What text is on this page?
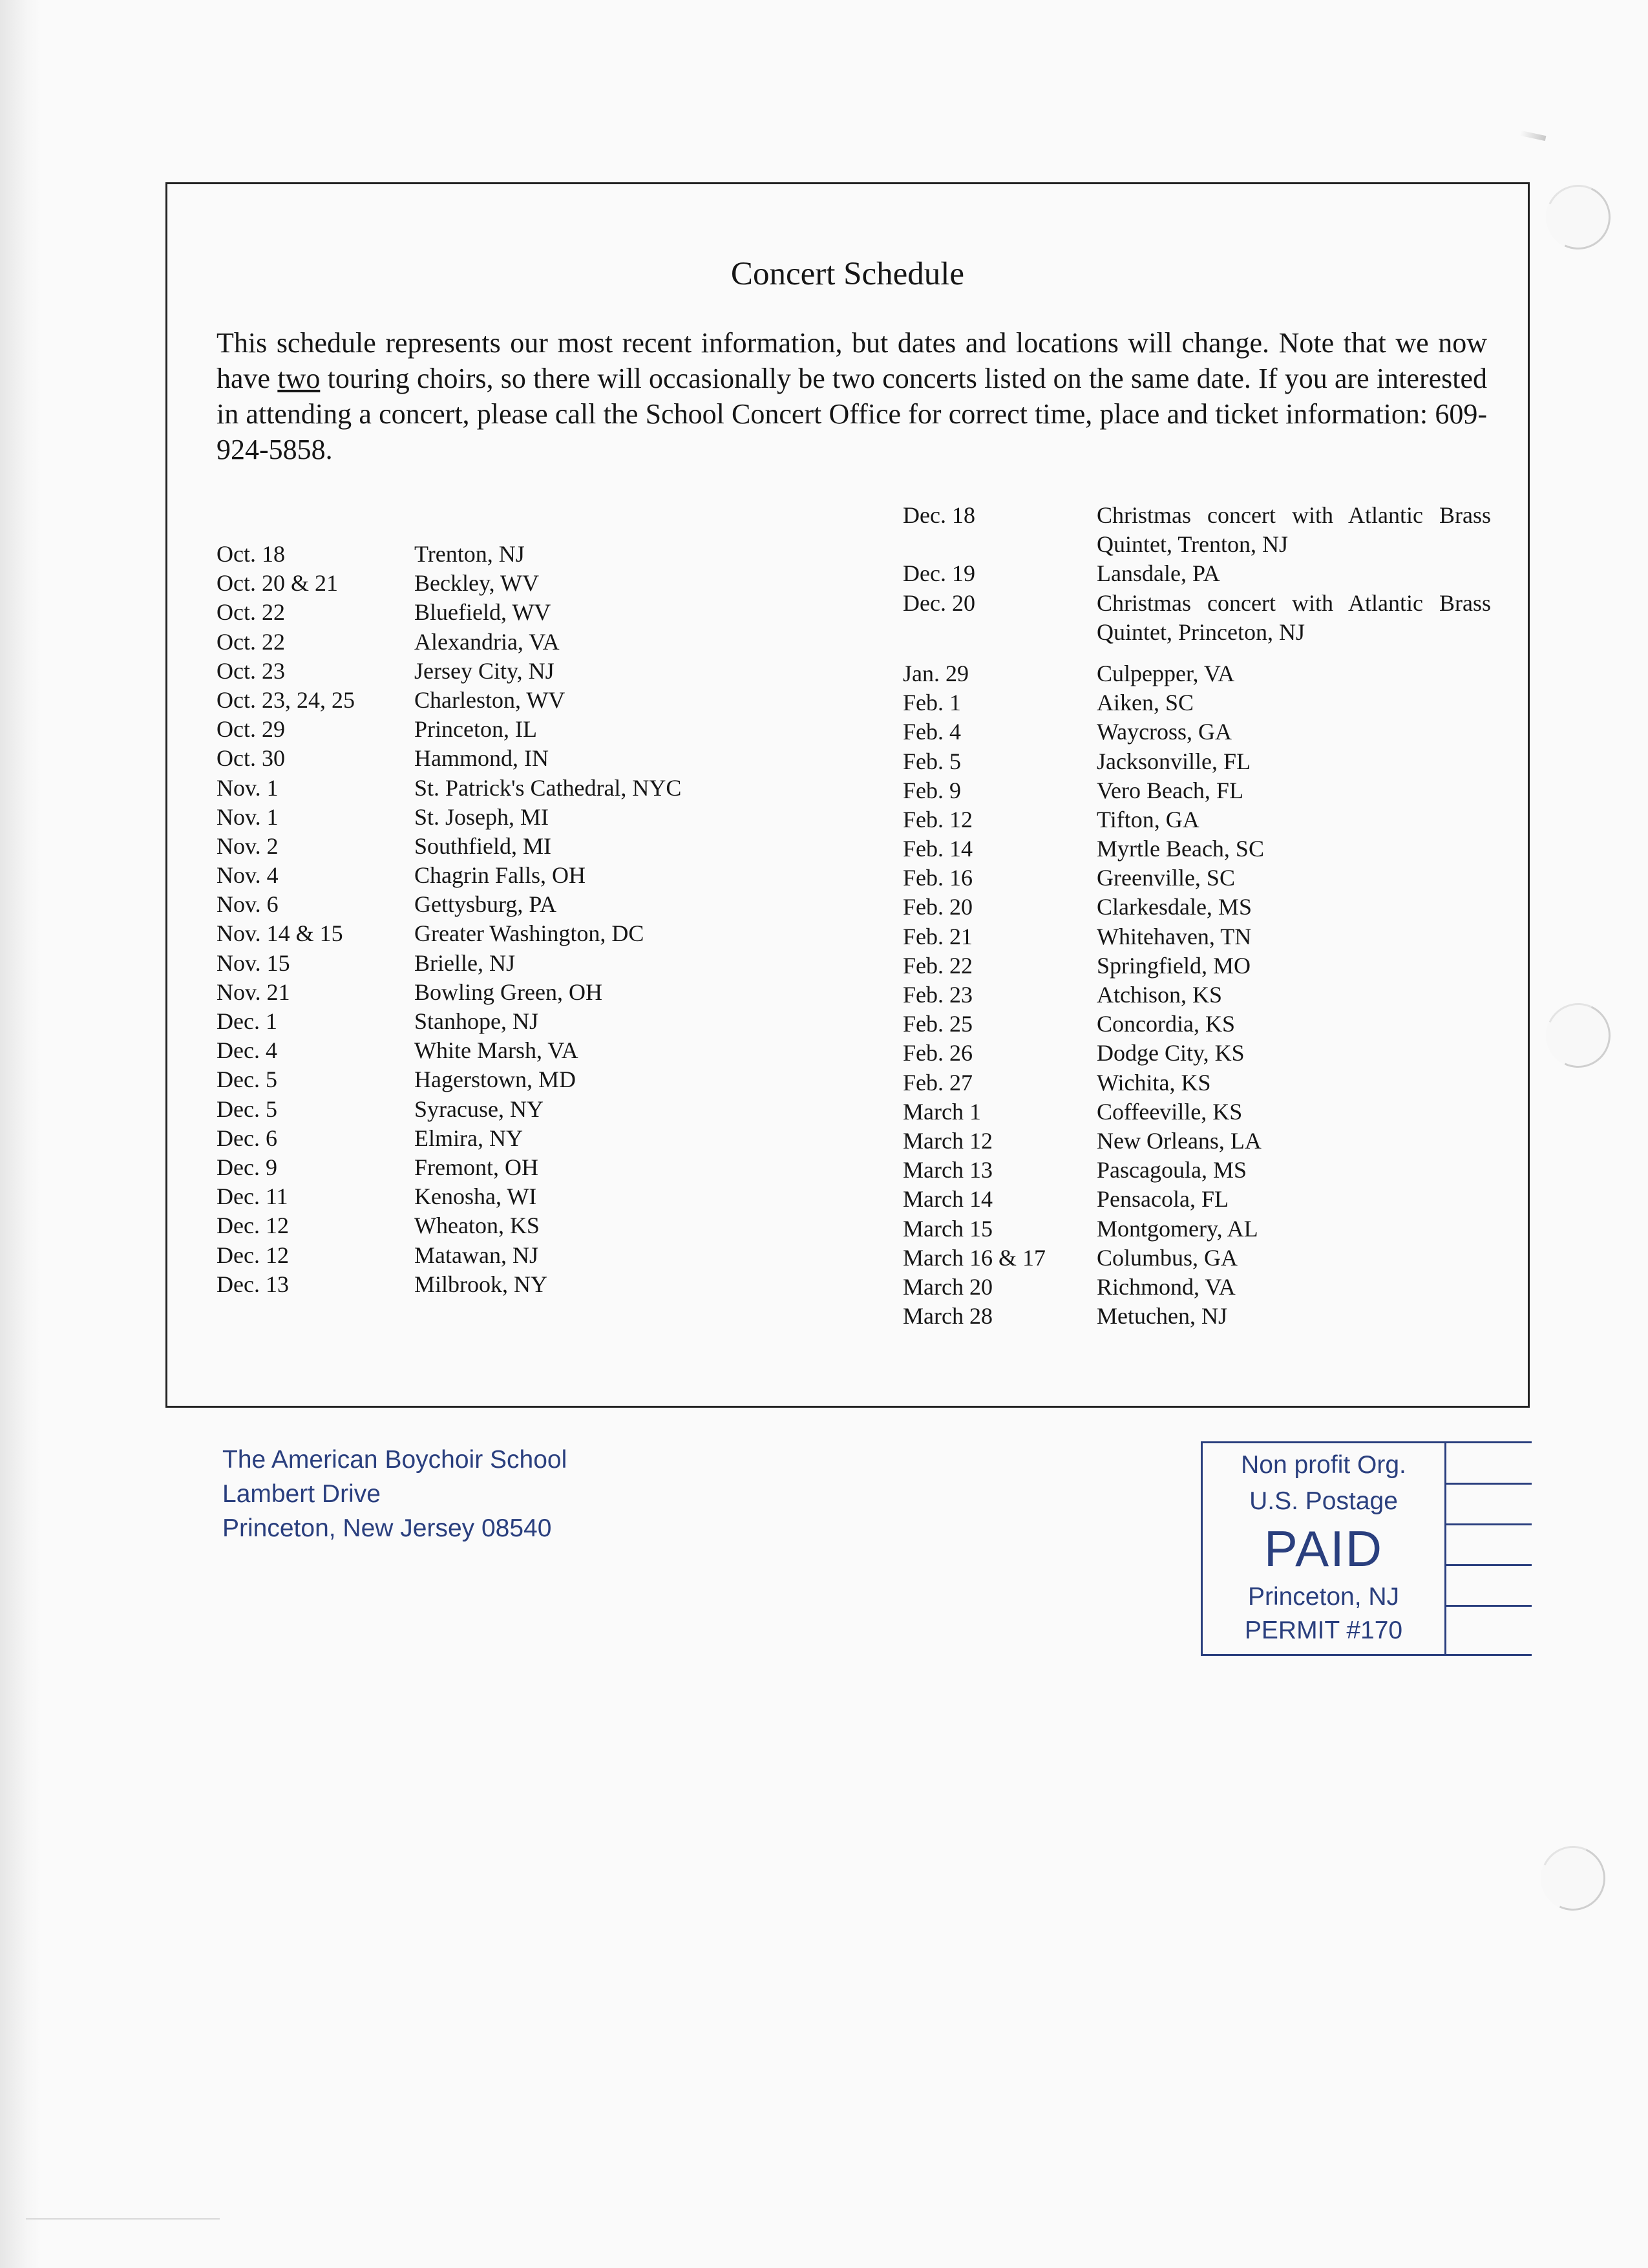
Concert Schedule
This schedule represents our most recent information, but dates and locations will change. Note that we now have two touring choirs, so there will occasionally be two concerts listed on the same date. If you are interested in attending a concert, please call the School Concert Office for correct time, place and ticket information: 609-924-5858.
Oct. 18	Trenton, NJ
Oct. 20 & 21	Beckley, WV
Oct. 22	Bluefield, WV
Oct. 22	Alexandria, VA
Oct. 23	Jersey City, NJ
Oct. 23, 24, 25	Charleston, WV
Oct. 29	Princeton, IL
Oct. 30	Hammond, IN
Nov. 1	St. Patrick's Cathedral, NYC
Nov. 1	St. Joseph, MI
Nov. 2	Southfield, MI
Nov. 4	Chagrin Falls, OH
Nov. 6	Gettysburg, PA
Nov. 14 & 15	Greater Washington, DC
Nov. 15	Brielle, NJ
Nov. 21	Bowling Green, OH
Dec. 1	Stanhope, NJ
Dec. 4	White Marsh, VA
Dec. 5	Hagerstown, MD
Dec. 5	Syracuse, NY
Dec. 6	Elmira, NY
Dec. 9	Fremont, OH
Dec. 11	Kenosha, WI
Dec. 12	Wheaton, KS
Dec. 12	Matawan, NJ
Dec. 13	Milbrook, NY
Dec. 18	Christmas concert with Atlantic Brass Quintet, Trenton, NJ
Dec. 19	Lansdale, PA
Dec. 20	Christmas concert with Atlantic Brass Quintet, Princeton, NJ
Jan. 29	Culpepper, VA
Feb. 1	Aiken, SC
Feb. 4	Waycross, GA
Feb. 5	Jacksonville, FL
Feb. 9	Vero Beach, FL
Feb. 12	Tifton, GA
Feb. 14	Myrtle Beach, SC
Feb. 16	Greenville, SC
Feb. 20	Clarkesdale, MS
Feb. 21	Whitehaven, TN
Feb. 22	Springfield, MO
Feb. 23	Atchison, KS
Feb. 25	Concordia, KS
Feb. 26	Dodge City, KS
Feb. 27	Wichita, KS
March 1	Coffeeville, KS
March 12	New Orleans, LA
March 13	Pascagoula, MS
March 14	Pensacola, FL
March 15	Montgomery, AL
March 16 & 17 Columbus, GA
March 20	Richmond, VA
March 28	Metuchen, NJ
The American Boychoir School
Lambert Drive
Princeton, New Jersey 08540
Non profit Org.
U.S. Postage
PAID
Princeton, NJ
PERMIT #170
